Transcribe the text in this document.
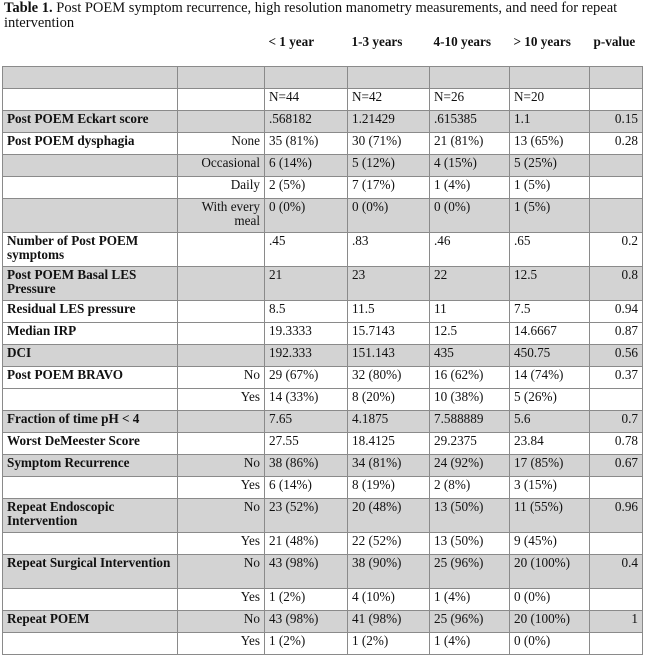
Table 1. Post POEM symptom recurrence, high resolution manometry measurements, and need for repeat intervention
		< 1 year	1-3 years	4-10 years	> 10 years	p-value

		N=44	N=42	N=26	N=20	
Post POEM Eckart score		.568182	1.21429	.615385	1.1	0.15
Post POEM dysphagia	None	35 (81%)	30 (71%)	21 (81%)	13 (65%)	0.28
	Occasional	6 (14%)	5 (12%)	4 (15%)	5 (25%)	
	Daily	2 (5%)	7 (17%)	1 (4%)	1 (5%)	
	With every meal	0 (0%)	0 (0%)	0 (0%)	1 (5%)	
Number of Post POEM symptoms		.45	.83	.46	.65	0.2
Post POEM Basal LES Pressure		21	23	22	12.5	0.8
Residual LES pressure		8.5	11.5	11	7.5	0.94
Median IRP		19.3333	15.7143	12.5	14.6667	0.87
DCI		192.333	151.143	435	450.75	0.56
Post POEM BRAVO	No	29 (67%)	32 (80%)	16 (62%)	14 (74%)	0.37
	Yes	14 (33%)	8 (20%)	10 (38%)	5 (26%)	
Fraction of time pH < 4		7.65	4.1875	7.588889	5.6	0.7
Worst DeMeester Score		27.55	18.4125	29.2375	23.84	0.78
Symptom Recurrence	No	38 (86%)	34 (81%)	24 (92%)	17 (85%)	0.67
	Yes	6 (14%)	8 (19%)	2 (8%)	3 (15%)	
Repeat Endoscopic Intervention	No	23 (52%)	20 (48%)	13 (50%)	11 (55%)	0.96
	Yes	21 (48%)	22 (52%)	13 (50%)	9 (45%)	
Repeat Surgical Intervention	No	43 (98%)	38 (90%)	25 (96%)	20 (100%)	0.4
	Yes	1 (2%)	4 (10%)	1 (4%)	0 (0%)	
Repeat POEM	No	43 (98%)	41 (98%)	25 (96%)	20 (100%)	1
	Yes	1 (2%)	1 (2%)	1 (4%)	0 (0%)	
